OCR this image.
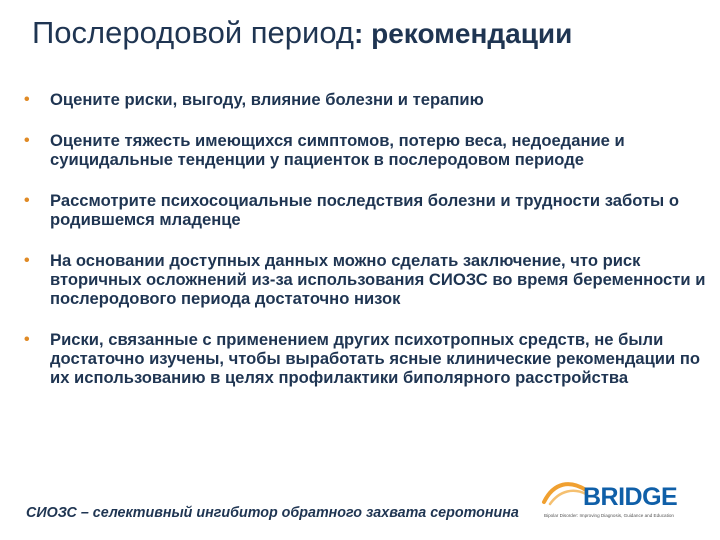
Послеродовой период: рекомендации
• Оцените риски, выгоду, влияние болезни и терапию
• Оцените тяжесть имеющихся симптомов, потерю веса, недоедание и суицидальные тенденции у пациенток в послеродовом периоде
• Рассмотрите психосоциальные последствия болезни и трудности заботы о родившемся младенце
• На основании доступных данных можно сделать заключение, что риск вторичных осложнений из-за использования СИОЗС во время беременности и послеродового периода достаточно низок
• Риски, связанные с применением других психотропных средств, не были достаточно изучены, чтобы выработать ясные клинические рекомендации по их использованию в целях профилактики биполярного расстройства
СИОЗС – селективный ингибитор обратного захвата серотонина
BRIDGE
Bipolar Disorder: Improving Diagnosis, Guidance and Education
